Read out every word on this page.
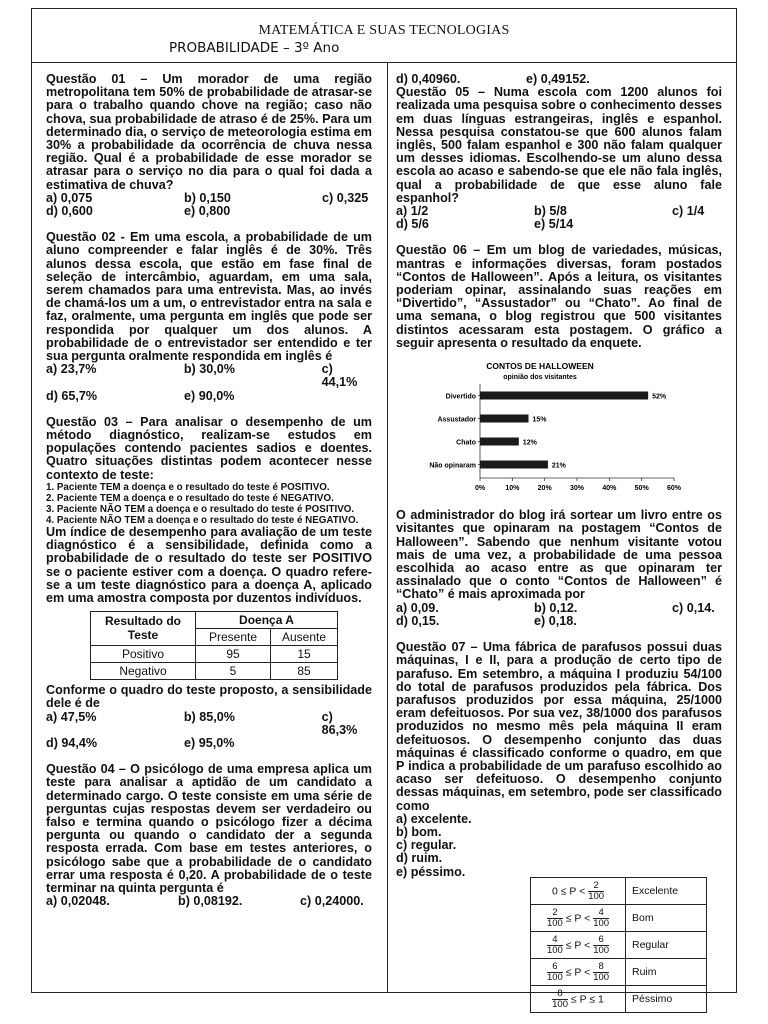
MATEMÁTICA E SUAS TECNOLOGIAS
PROBABILIDADE – 3º Ano

Questão 01 – Um morador de uma região metropolitana tem 50% de probabilidade de atrasar-se para o trabalho quando chove na região; caso não chova, sua probabilidade de atraso é de 25%. Para um determinado dia, o serviço de meteorologia estima em 30% a probabilidade da ocorrência de chuva nessa região. Qual é a probabilidade de esse morador se atrasar para o serviço no dia para o qual foi dada a estimativa de chuva?

a) 0,075	b) 0,150	c) 0,325
d) 0,600	e) 0,800

Questão 02 - Em uma escola, a probabilidade de um aluno compreender e falar inglês é de 30%. Três alunos dessa escola, que estão em fase final de seleção de intercâmbio, aguardam, em uma sala, serem chamados para uma entrevista. Mas, ao invés de chamá-los um a um, o entrevistador entra na sala e faz, oralmente, uma pergunta em inglês que pode ser respondida por qualquer um dos alunos. A probabilidade de o entrevistador ser entendido e ter sua pergunta oralmente respondida em inglês é

a) 23,7%	b) 30,0%	c) 44,1%
d) 65,7%	e) 90,0%

Questão 03 – Para analisar o desempenho de um método diagnóstico, realizam-se estudos em populações contendo pacientes sadios e doentes. Quatro situações distintas podem acontecer nesse contexto de teste:

1. Paciente TEM a doença e o resultado do teste é POSITIVO.

2. Paciente TEM a doença e o resultado do teste é NEGATIVO.

3. Paciente NÃO TEM a doença e o resultado do teste é POSITIVO.

4. Paciente NÃO TEM a doença e o resultado do teste é NEGATIVO.

Um índice de desempenho para avaliação de um teste diagnóstico é a sensibilidade, definida como a probabilidade de o resultado do teste ser POSITIVO se o paciente estiver com a doença. O quadro refere-se a um teste diagnóstico para a doença A, aplicado em uma amostra composta por duzentos indivíduos.

Resultado do Teste	Doença A	
	Presente	Ausente
Positivo	95	15
Negativo	5	85

Conforme o quadro do teste proposto, a sensibilidade dele é de

a) 47,5%	b) 85,0%	c) 86,3%
d) 94,4%	e) 95,0%

Questão 04 – O psicólogo de uma empresa aplica um teste para analisar a aptidão de um candidato a determinado cargo. O teste consiste em uma série de perguntas cujas respostas devem ser verdadeiro ou falso e termina quando o psicólogo fizer a décima pergunta ou quando o candidato der a segunda resposta errada. Com base em testes anteriores, o psicólogo sabe que a probabilidade de o candidato errar uma resposta é 0,20. A probabilidade de o teste terminar na quinta pergunta é

a) 0,02048.	b) 0,08192.	c) 0,24000.
d) 0,40960.	e) 0,49152.

Questão 05 – Numa escola com 1200 alunos foi realizada uma pesquisa sobre o conhecimento desses em duas línguas estrangeiras, inglês e espanhol. Nessa pesquisa constatou-se que 600 alunos falam inglês, 500 falam espanhol e 300 não falam qualquer um desses idiomas. Escolhendo-se um aluno dessa escola ao acaso e sabendo-se que ele não fala inglês, qual a probabilidade de que esse aluno fale espanhol?

a) 1/2	b) 5/8	c) 1/4
d) 5/6	e) 5/14

Questão 06 – Em um blog de variedades, músicas, mantras e informações diversas, foram postados “Contos de Halloween”. Após a leitura, os visitantes poderiam opinar, assinalando suas reações em “Divertido”, “Assustador” ou “Chato”. Ao final de uma semana, o blog registrou que 500 visitantes distintos acessaram esta postagem. O gráfico a seguir apresenta o resultado da enquete.

CONTOS DE HALLOWEEN
opinião dos visitantes
0%	10%	20%	30%	40%	50%	60%
Divertido	52%
Assustador	15%
Chato	12%
Não opinaram	21%

O administrador do blog irá sortear um livro entre os visitantes que opinaram na postagem “Contos de Halloween”. Sabendo que nenhum visitante votou mais de uma vez, a probabilidade de uma pessoa escolhida ao acaso entre as que opinaram ter assinalado que o conto “Contos de Halloween” é “Chato” é mais aproximada por

a) 0,09.	b) 0,12.	c) 0,14.
d) 0,15.	e) 0,18.

Questão 07 – Uma fábrica de parafusos possui duas máquinas, I e II, para a produção de certo tipo de parafuso. Em setembro, a máquina I produziu 54/100 do total de parafusos produzidos pela fábrica. Dos parafusos produzidos por essa máquina, 25/1000 eram defeituosos. Por sua vez, 38/1000 dos parafusos produzidos no mesmo mês pela máquina II eram defeituosos. O desempenho conjunto das duas máquinas é classificado conforme o quadro, em que P indica a probabilidade de um parafuso escolhido ao acaso ser defeituoso. O desempenho conjunto dessas máquinas, em setembro, pode ser classificado como

a) excelente.

b) bom.

c) regular.

d) ruim.

e) péssimo.

$0 \le P < \frac{2}{100}$	Excelente

$\frac{2}{100} \le P < \frac{4}{100}$	Bom

$\frac{4}{100} \le P < \frac{6}{100}$	Regular

$\frac{6}{100} \le P < \frac{8}{100}$	Ruim

$\frac{8}{100} \le P \le 1$	Péssimo
